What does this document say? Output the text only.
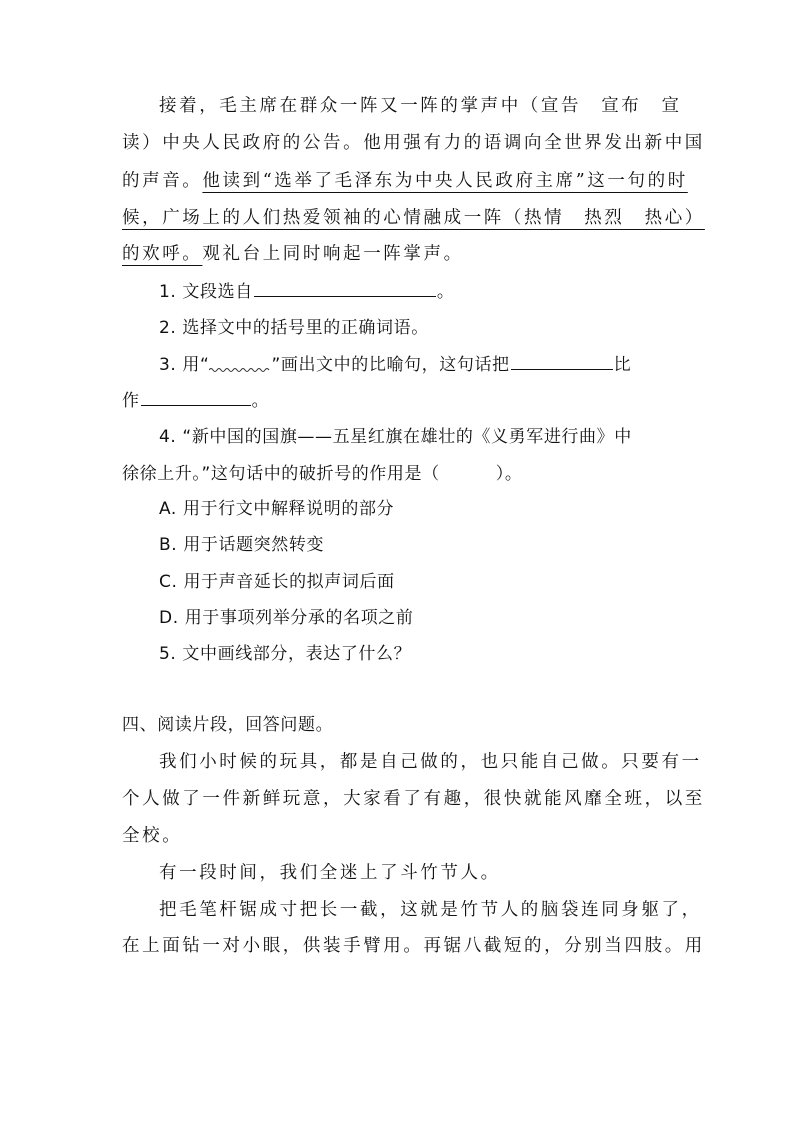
接着，毛主席在群众一阵又一阵的掌声中（宣告　宣布　宣
读）中央人民政府的公告。他用强有力的语调向全世界发出新中国
的声音。他读到“选举了毛泽东为中央人民政府主席”这一句的时
候，广场上的人们热爱领袖的心情融成一阵（热情　热烈　热心）
的欢呼。观礼台上同时响起一阵掌声。
1. 文段选自	。
2. 选择文中的括号里的正确词语。
3. 用“	”画出文中的比喻句，这句话把	比
作	。
4. “新中国的国旗——五星红旗在雄壮的《义勇军进行曲》中
徐徐上升。”这句话中的破折号的作用是（	）。
A. 用于行文中解释说明的部分
B. 用于话题突然转变
C. 用于声音延长的拟声词后面
D. 用于事项列举分承的名项之前
5. 文中画线部分，表达了什么？
四、阅读片段，回答问题。
我们小时候的玩具，都是自己做的，也只能自己做。只要有一
个人做了一件新鲜玩意，大家看了有趣，很快就能风靡全班，以至
全校。
有一段时间，我们全迷上了斗竹节人。
把毛笔杆锯成寸把长一截，这就是竹节人的脑袋连同身躯了，
在上面钻一对小眼，供装手臂用。再锯八截短的，分别当四肢。用
